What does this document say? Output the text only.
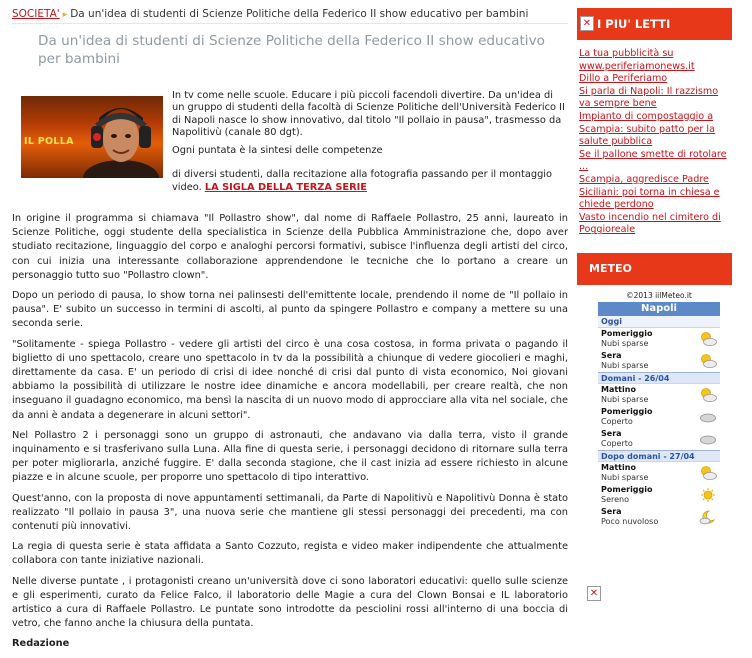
SOCIETA' ▸ Da un'idea di studenti di Scienze Politiche della Federico II show educativo per bambini
Da un'idea di studenti di Scienze Politiche della Federico II show educativo per bambini
IL POLLA

In tv come nelle scuole. Educare i più piccoli facendoli divertire. Da un'idea di un gruppo di studenti della facoltà di Scienze Politiche dell'Università Federico II di Napoli nasce lo show innovativo, dal titolo "Il pollaio in pausa", trasmesso da Napolitivù (canale 80 dgt).

Ogni puntata è la sintesi delle competenze

di diversi studenti, dalla recitazione alla fotografia passando per il montaggio video. LA SIGLA DELLA TERZA SERIE

In origine il programma si chiamava "Il Pollastro show", dal nome di Raffaele Pollastro, 25 anni, laureato in Scienze Politiche, oggi studente della specialistica in Scienze della Pubblica Amministrazione che, dopo aver studiato recitazione, linguaggio del corpo e analoghi percorsi formativi, subisce l'influenza degli artisti del circo, con cui inizia una interessante collaborazione apprendendone le tecniche che lo portano a creare un personaggio tutto suo "Pollastro clown".

Dopo un periodo di pausa, lo show torna nei palinsesti dell'emittente locale, prendendo il nome de "Il pollaio in pausa". E' subito un successo in termini di ascolti, al punto da spingere Pollastro e company a mettere su una seconda serie.

"Solitamente - spiega Pollastro - vedere gli artisti del circo è una cosa costosa, in forma privata o pagando il biglietto di uno spettacolo, creare uno spettacolo in tv da la possibilità a chiunque di vedere giocolieri e maghi, direttamente da casa. E' un periodo di crisi di idee nonché di crisi dal punto di vista economico, Noi giovani abbiamo la possibilità di utilizzare le nostre idee dinamiche e ancora modellabili, per creare realtà, che non inseguano il guadagno economico, ma bensì la nascita di un nuovo modo di approcciare alla vita nel sociale, che da anni è andata a degenerare in alcuni settori".

Nel Pollastro 2 i personaggi sono un gruppo di astronauti, che andavano via dalla terra, visto il grande inquinamento e si trasferivano sulla Luna. Alla fine di questa serie, i personaggi decidono di ritornare sulla terra per poter migliorarla, anziché fuggire. E' dalla seconda stagione, che il cast inizia ad essere richiesto in alcune piazze e in alcune scuole, per proporre uno spettacolo di tipo interattivo.

Quest'anno, con la proposta di nove appuntamenti settimanali, da Parte di Napolitivù e Napolitivù Donna è stato realizzato "Il pollaio in pausa 3", una nuova serie che mantiene gli stessi personaggi dei precedenti, ma con contenuti più innovativi.

La regia di questa serie è stata affidata a Santo Cozzuto, regista e video maker indipendente che attualmente collabora con tante iniziative nazionali.

Nelle diverse puntate , i protagonisti creano un'università dove ci sono laboratori educativi: quello sulle scienze e gli esperimenti, curato da Felice Falco, il laboratorio delle Magie a cura del Clown Bonsai e IL laboratorio artistico a cura di Raffaele Pollastro. Le puntate sono introdotte da pesciolini rossi all'interno di una boccia di vetro, che fanno anche la chiusura della puntata.

Redazione

✕ I PIU' LETTI
La tua pubblicità su www.periferiamonews.it
Dillo a Periferiamo
Si parla di Napoli: Il razzismo va sempre bene
Impianto di compostaggio a Scampia: subito patto per la salute pubblica
Se il pallone smette di rotolare ...
Scampia, aggredisce Padre
Siciliani: poi torna in chiesa e chiede perdono
Vasto incendio nel cimitero di Poggioreale
METEO
©2013 iilMeteo.it
Napoli
Oggi
Pomeriggio
Nubi sparse
Sera
Nubi sparse
Domani - 26/04
Mattino
Nubi sparse
Pomeriggio
Coperto
Sera
Coperto
Dopo domani - 27/04
Mattino
Nubi sparse
Pomeriggio
Sereno
Sera
Poco nuvoloso
✕
